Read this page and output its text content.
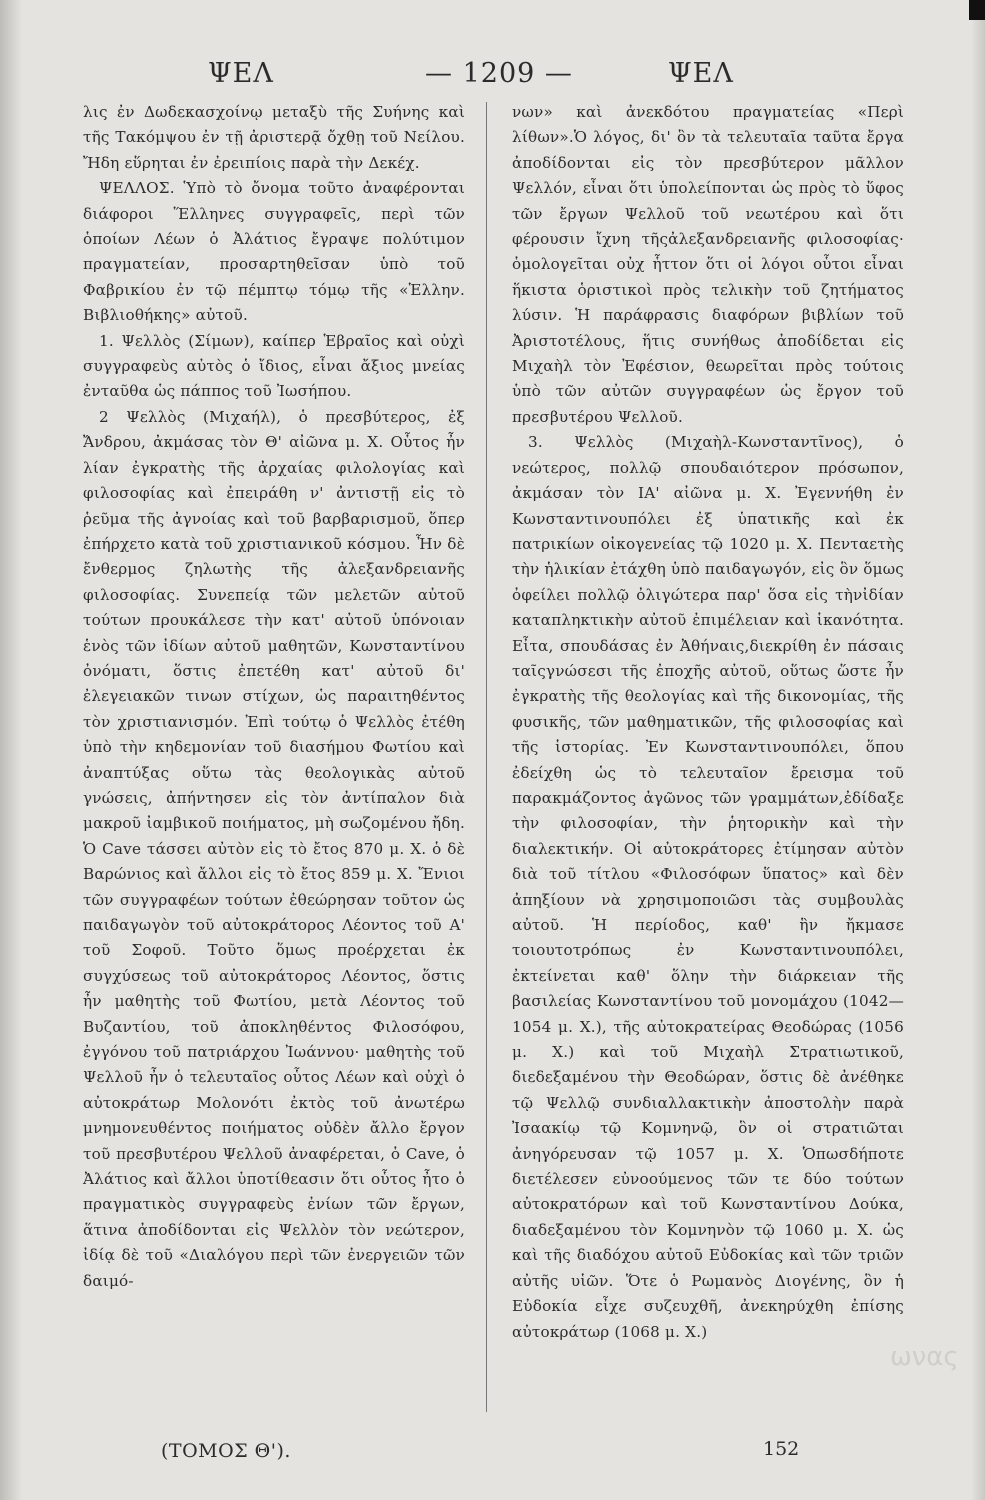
ΨΕΛ	— 1209 —	ΨΕΛ

λις ἐν Δωδεκασχοίνῳ μεταξὺ τῆς Συήνης καὶ τῆς Τακόμψου ἐν τῇ ἀριστερᾷ ὄχθῃ τοῦ Νείλου. Ἤδη εὕρηται ἐν ἐρειπίοις παρὰ τὴν Δεκέχ.

ΨΕΛΛΟΣ. Ὑπὸ τὸ ὄνομα τοῦτο ἀναφέρονται διάφοροι Ἕλληνες συγγραφεῖς, περὶ τῶν ὁποίων Λέων ὁ Ἀλάτιος ἔγραψε πολύτιμον πραγματείαν, προσαρτηθεῖσαν ὑπὸ τοῦ Φαβρικίου ἐν τῷ πέμπτῳ τόμῳ τῆς «Ἑλλην. Βιβλιοθήκης» αὐτοῦ.

1. Ψελλὸς (Σίμων), καίπερ Ἑβραῖος καὶ οὐχὶ συγγραφεὺς αὐτὸς ὁ ἴδιος, εἶναι ἄξιος μνείας ἐνταῦθα ὡς πάππος τοῦ Ἰωσήπου.

2 Ψελλὸς (Μιχαήλ), ὁ πρεσβύτερος, ἐξ Ἄνδρου, ἀκμάσας τὸν Θ' αἰῶνα μ. Χ. Οὗτος ἦν λίαν ἐγκρατὴς τῆς ἀρχαίας φιλολογίας καὶ φιλοσοφίας καὶ ἐπειράθη ν' ἀντιστῇ εἰς τὸ ῥεῦμα τῆς ἀγνοίας καὶ τοῦ βαρβαρισμοῦ, ὅπερ ἐπήρχετο κατὰ τοῦ χριστιανικοῦ κόσμου. Ἦν δὲ ἔνθερμος ζηλωτὴς τῆς ἀλεξανδρειανῆς φιλοσοφίας. Συνεπείᾳ τῶν μελετῶν αὐτοῦ τούτων προυκάλεσε τὴν κατ' αὐτοῦ ὑπόνοιαν ἑνὸς τῶν ἰδίων αὐτοῦ μαθητῶν, Κωνσταντίνου ὀνόματι, ὅστις ἐπετέθη κατ' αὐτοῦ δι' ἐλεγειακῶν τινων στίχων, ὡς παραιτηθέντος τὸν χριστιανισμόν. Ἐπὶ τούτῳ ὁ Ψελλὸς ἐτέθη ὑπὸ τὴν κηδεμονίαν τοῦ διασήμου Φωτίου καὶ ἀναπτύξας οὕτω τὰς θεολογικὰς αὐτοῦ γνώσεις, ἀπήντησεν εἰς τὸν ἀντίπαλον διὰ μακροῦ ἰαμβικοῦ ποιήματος, μὴ σωζομένου ἤδη. Ὁ Cave τάσσει αὐτὸν εἰς τὸ ἔτος 870 μ. Χ. ὁ δὲ Βαρώνιος καὶ ἄλλοι εἰς τὸ ἔτος 859 μ. Χ. Ἔνιοι τῶν συγγραφέων τούτων ἐθεώρησαν τοῦτον ὡς παιδαγωγὸν τοῦ αὐτοκράτορος Λέοντος τοῦ Α' τοῦ Σοφοῦ. Τοῦτο ὅμως προέρχεται ἐκ συγχύσεως τοῦ αὐτοκράτορος Λέοντος, ὅστις ἦν μαθητὴς τοῦ Φωτίου, μετὰ Λέοντος τοῦ Βυζαντίου, τοῦ ἀποκληθέντος Φιλοσόφου, ἐγγόνου τοῦ πατριάρχου Ἰωάννου· μαθητὴς τοῦ Ψελλοῦ ἦν ὁ τελευταῖος οὗτος Λέων καὶ οὐχὶ ὁ αὐτοκράτωρ Μολονότι ἐκτὸς τοῦ ἀνωτέρω μνημονευθέντος ποιήματος οὐδὲν ἄλλο ἔργον τοῦ πρεσβυτέρου Ψελλοῦ ἀναφέρεται, ὁ Cave, ὁ Ἀλάτιος καὶ ἄλλοι ὑποτίθεασιν ὅτι οὗτος ἦτο ὁ πραγματικὸς συγγραφεὺς ἐνίων τῶν ἔργων, ἅτινα ἀποδίδονται εἰς Ψελλὸν τὸν νεώτερον, ἰδίᾳ δὲ τοῦ «Διαλόγου περὶ τῶν ἐνεργειῶν τῶν δαιμό-

νων» καὶ ἀνεκδότου πραγματείας «Περὶ λίθων».Ὁ λόγος, δι' ὃν τὰ τελευταῖα ταῦτα ἔργα ἀποδίδονται εἰς τὸν πρεσβύτερον μᾶλλον Ψελλόν, εἶναι ὅτι ὑπολείπονται ὡς πρὸς τὸ ὕφος τῶν ἔργων Ψελλοῦ τοῦ νεωτέρου καὶ ὅτι φέρουσιν ἴχνη τῆςἀλεξανδρειανῆς φιλοσοφίας· ὁμολογεῖται οὐχ ἧττον ὅτι οἱ λόγοι οὗτοι εἶναι ἥκιστα ὁριστικοὶ πρὸς τελικὴν τοῦ ζητήματος λύσιν. Ἡ παράφρασις διαφόρων βιβλίων τοῦ Ἀριστοτέλους, ἥτις συνήθως ἀποδίδεται εἰς Μιχαὴλ τὸν Ἐφέσιον, θεωρεῖται πρὸς τούτοις ὑπὸ τῶν αὐτῶν συγγραφέων ὡς ἔργον τοῦ πρεσβυτέρου Ψελλοῦ.

3. Ψελλὸς (Μιχαὴλ-Κωνσταντῖνος), ὁ νεώτερος, πολλῷ σπουδαιότερον πρόσωπον, ἀκμάσαν τὸν ΙΑ' αἰῶνα μ. Χ. Ἐγεννήθη ἐν Κωνσταντινουπόλει ἐξ ὑπατικῆς καὶ ἐκ πατρικίων οἰκογενείας τῷ 1020 μ. Χ. Πενταετὴς τὴν ἡλικίαν ἐτάχθη ὑπὸ παιδαγωγόν, εἰς ὃν ὅμως ὀφείλει πολλῷ ὀλιγώτερα παρ' ὅσα εἰς τὴνἰδίαν καταπληκτικὴν αὐτοῦ ἐπιμέλειαν καὶ ἱκανότητα. Εἶτα, σπουδάσας ἐν Ἀθήναις,διεκρίθη ἐν πάσαις ταῖςγνώσεσι τῆς ἐποχῆς αὐτοῦ, οὕτως ὥστε ἦν ἐγκρατὴς τῆς θεολογίας καὶ τῆς δικονομίας, τῆς φυσικῆς, τῶν μαθηματικῶν, τῆς φιλοσοφίας καὶ τῆς ἱστορίας. Ἐν Κωνσταντινουπόλει, ὅπου ἐδείχθη ὡς τὸ τελευταῖον ἔρεισμα τοῦ παρακμάζοντος ἀγῶνος τῶν γραμμάτων,ἐδίδαξε τὴν φιλοσοφίαν, τὴν ῥητορικὴν καὶ τὴν διαλεκτικήν. Οἱ αὐτοκράτορες ἐτίμησαν αὐτὸν διὰ τοῦ τίτλου «Φιλοσόφων ὕπατος» καὶ δὲν ἀπηξίουν νὰ χρησιμοποιῶσι τὰς συμβουλὰς αὐτοῦ. Ἡ περίοδος, καθ' ἣν ἤκμασε τοιουτοτρόπως ἐν Κωνσταντινουπόλει, ἐκτείνεται καθ' ὅλην τὴν διάρκειαν τῆς βασιλείας Κωνσταντίνου τοῦ μονομάχου (1042—1054 μ. Χ.), τῆς αὐτοκρατείρας Θεοδώρας (1056 μ. Χ.) καὶ τοῦ Μιχαὴλ Στρατιωτικοῦ, διεδεξαμένου τὴν Θεοδώραν, ὅστις δὲ ἀνέθηκε τῷ Ψελλῷ συνδιαλλακτικὴν ἀποστολὴν παρὰ Ἰσαακίῳ τῷ Κομνηνῷ, ὃν οἱ στρατιῶται ἀνηγόρευσαν τῷ 1057 μ. Χ. Ὁπωσδήποτε διετέλεσεν εὐνοούμενος τῶν τε δύο τούτων αὐτοκρατόρων καὶ τοῦ Κωνσταντίνου Δούκα, διαδεξαμένου τὸν Κομνηνὸν τῷ 1060 μ. Χ. ὡς καὶ τῆς διαδόχου αὐτοῦ Εὐδοκίας καὶ τῶν τριῶν αὐτῆς υἱῶν. Ὅτε ὁ Ρωμανὸς Διογένης, ὃν ἡ Εὐδοκία εἶχε συζευχθῆ, ἀνεκηρύχθη ἐπίσης αὐτοκράτωρ (1068 μ. Χ.)

ωνας
(ΤΟΜΟΣ Θ').	152
